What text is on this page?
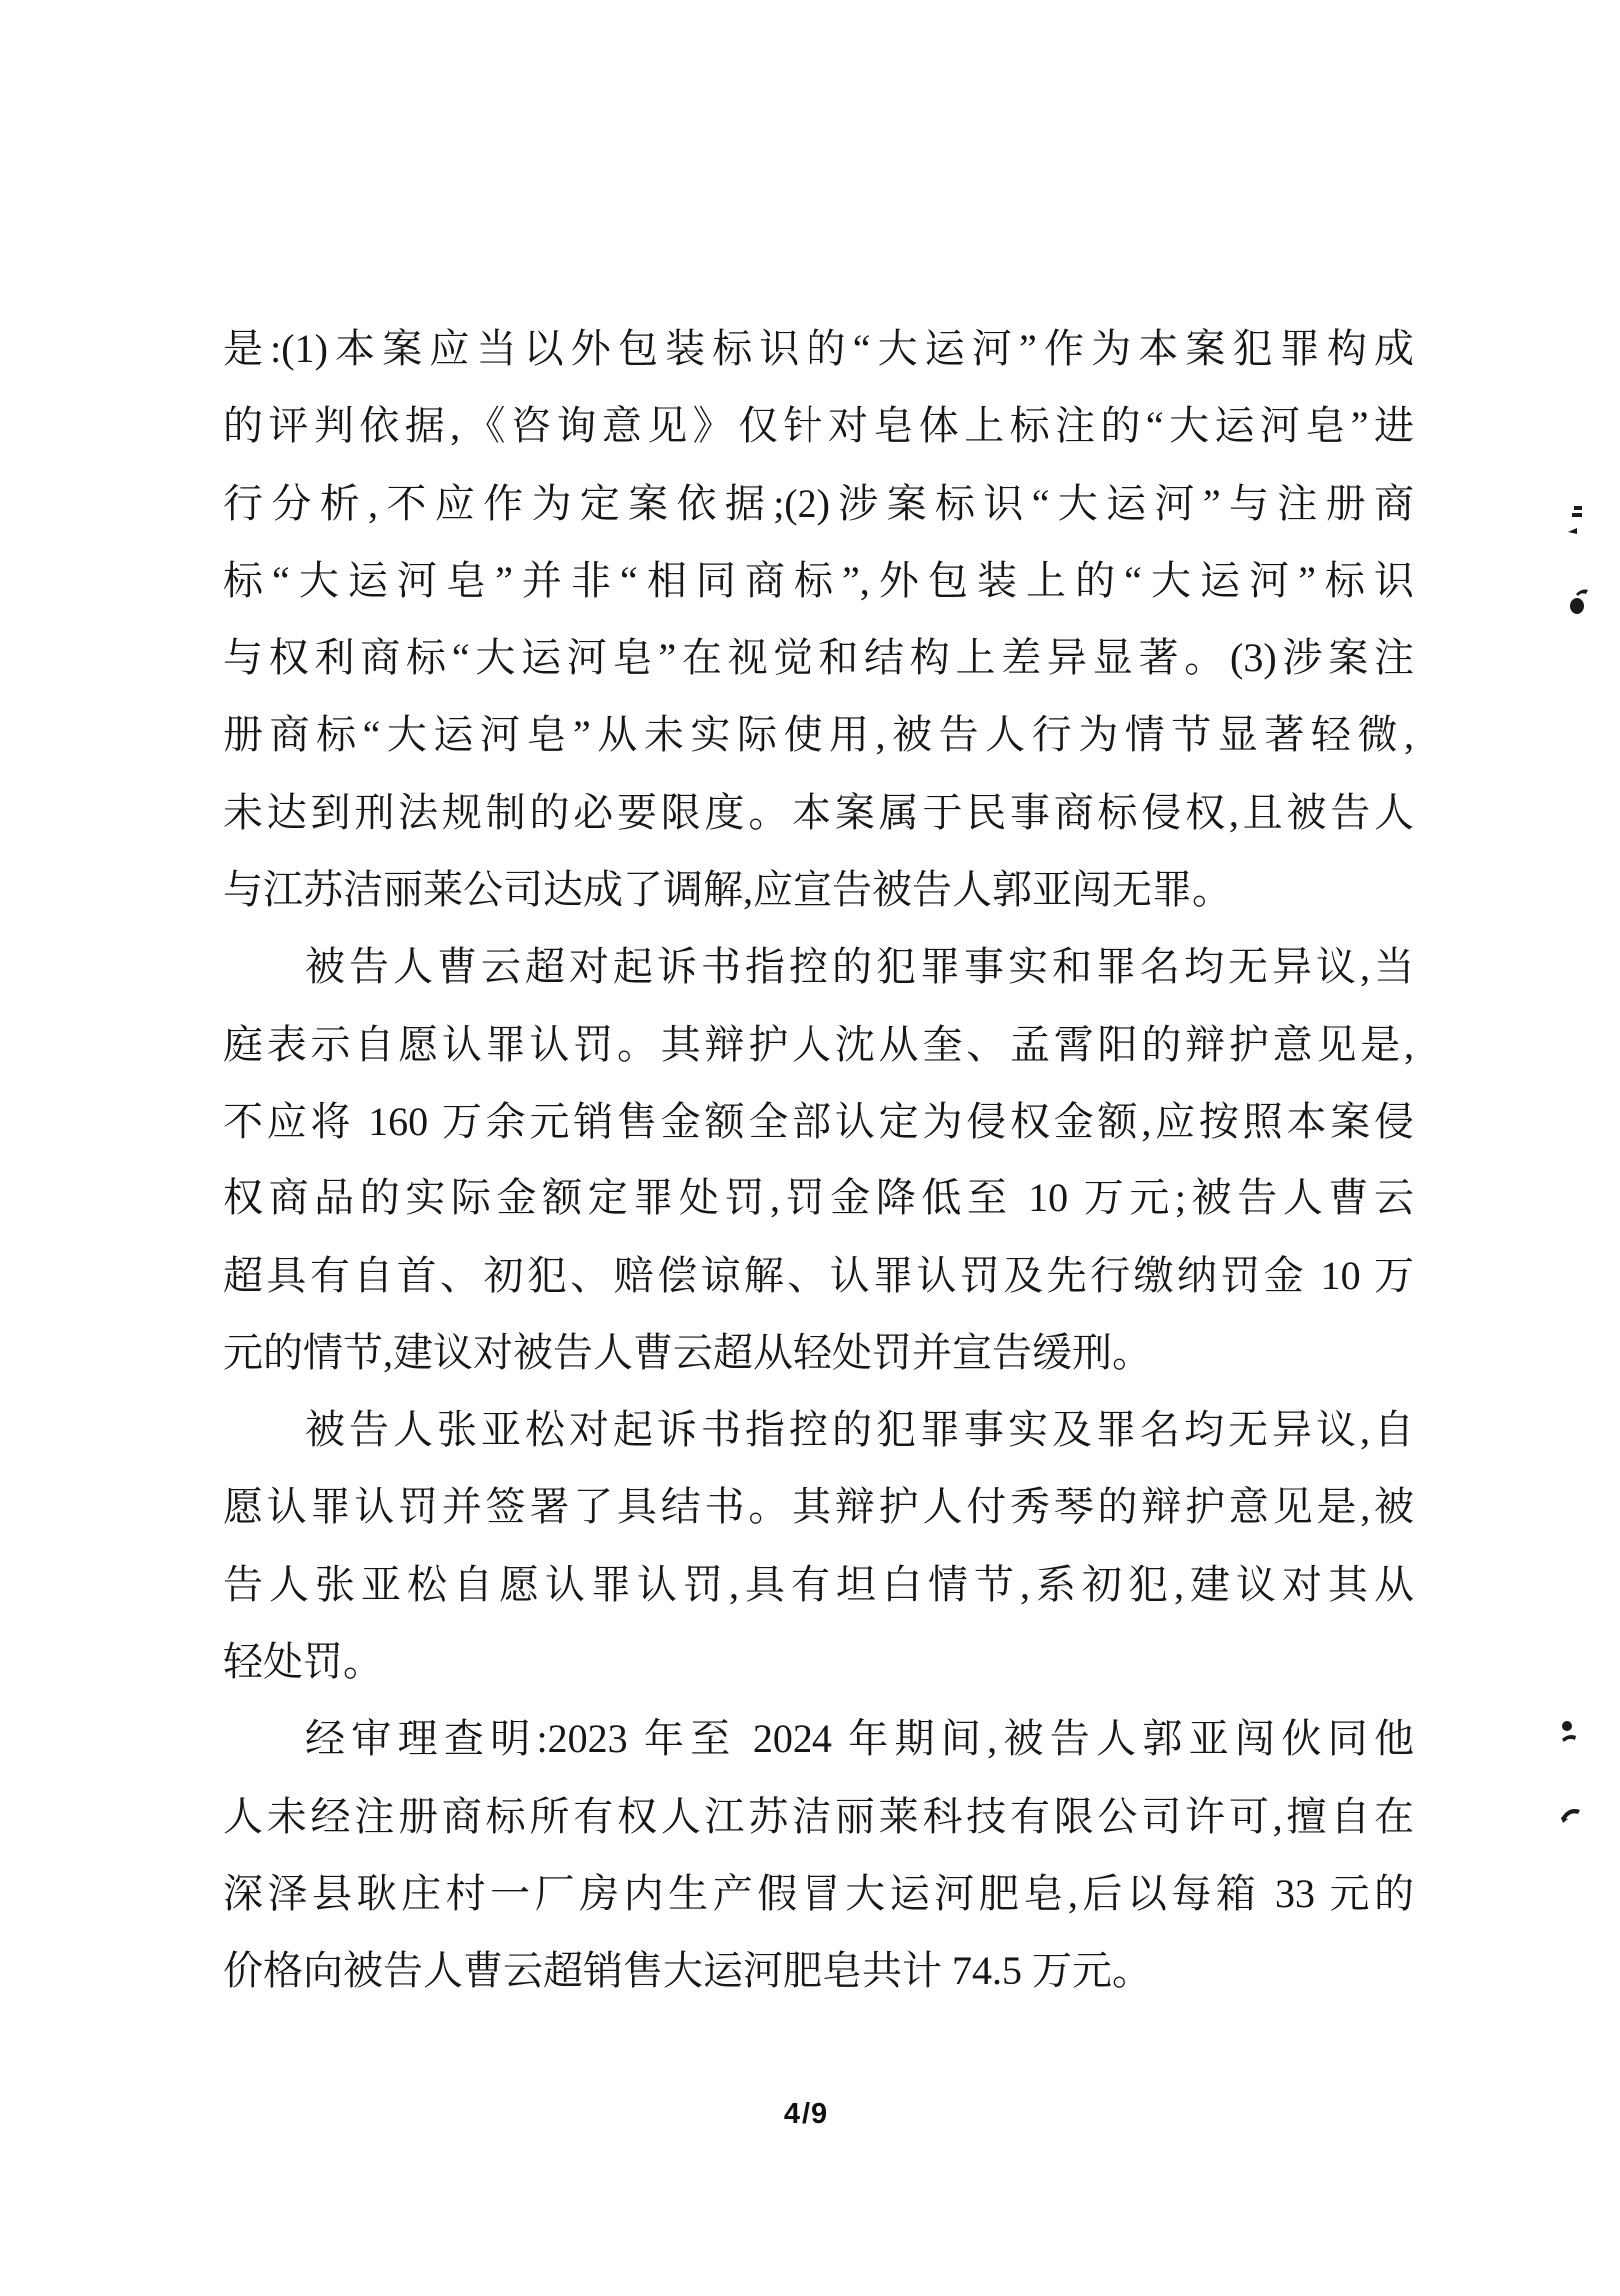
是:(1)本案应当以外包装标识的“大运河”作为本案犯罪构成
的评判依据,《咨询意见》仅针对皂体上标注的“大运河皂”进
行分析,不应作为定案依据;(2)涉案标识“大运河”与注册商
标“大运河皂”并非“相同商标”,外包装上的“大运河”标识
与权利商标“大运河皂”在视觉和结构上差异显著。(3)涉案注
册商标“大运河皂”从未实际使用,被告人行为情节显著轻微,
未达到刑法规制的必要限度。本案属于民事商标侵权,且被告人
与江苏洁丽莱公司达成了调解,应宣告被告人郭亚闯无罪。
被告人曹云超对起诉书指控的犯罪事实和罪名均无异议,当
庭表示自愿认罪认罚。其辩护人沈从奎、孟霄阳的辩护意见是,
不应将 160 万余元销售金额全部认定为侵权金额,应按照本案侵
权商品的实际金额定罪处罚,罚金降低至 10 万元;被告人曹云
超具有自首、初犯、赔偿谅解、认罪认罚及先行缴纳罚金 10 万
元的情节,建议对被告人曹云超从轻处罚并宣告缓刑。
被告人张亚松对起诉书指控的犯罪事实及罪名均无异议,自
愿认罪认罚并签署了具结书。其辩护人付秀琴的辩护意见是,被
告人张亚松自愿认罪认罚,具有坦白情节,系初犯,建议对其从
轻处罚。
经审理查明:2023 年至 2024 年期间,被告人郭亚闯伙同他
人未经注册商标所有权人江苏洁丽莱科技有限公司许可,擅自在
深泽县耿庄村一厂房内生产假冒大运河肥皂,后以每箱 33 元的
价格向被告人曹云超销售大运河肥皂共计 74.5 万元。
4/9
